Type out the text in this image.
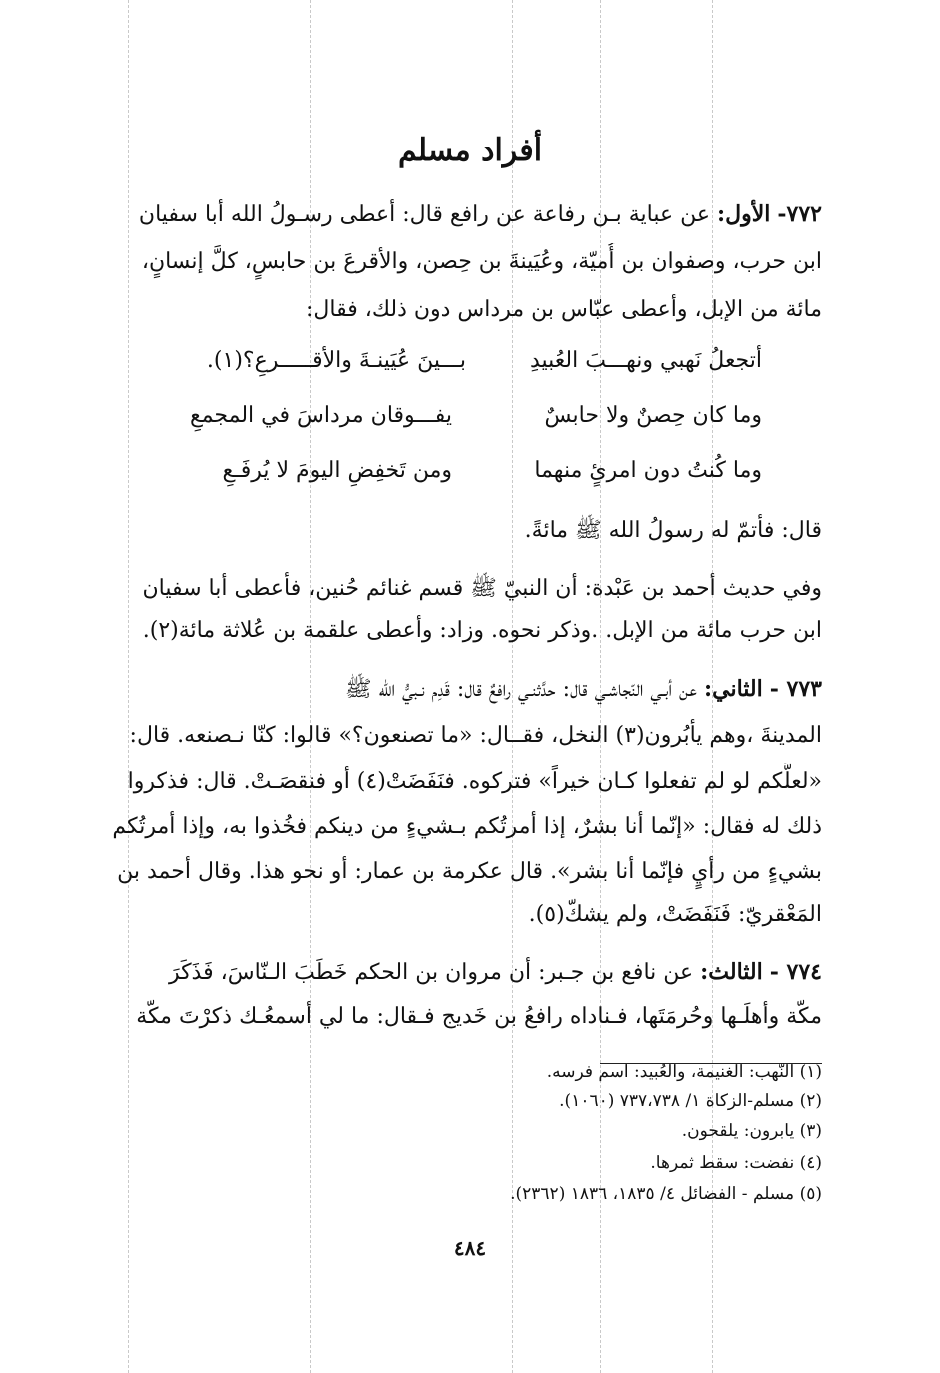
أفراد مسلم
٧٧٢- الأول: عن عباية بـن رفاعة عن رافع قال: أعطى رسـولُ الله أبا سفيان
ابن حرب، وصفوان بن أُميّة، وعُيَينةَ بن حِصن، والأقرعَ بن حابسٍ، كلَّ إنسانٍ،
مائة من الإبل، وأعطى عبّاس بن مرداس دون ذلك، فقال:
أتجعلُ نَهبي ونهـــبَ العُبيدِ
بـــينَ عُيَينـةَ والأقـــــرعِ؟(١).
وما كان حِصنٌ ولا حابسٌ
يفـــوقان مرداسَ في المجمعِ
وما كُنتُ دون امرئٍ منهما
ومن تَخفِضِ اليومَ لا يُرفَـعِ
قال: فأتمّ له رسولُ الله ﷺ مائةً.
وفي حديث أحمد بن عَبْدة: أن النبيّ ﷺ قسم غنائم حُنين، فأعطى أبا سفيان
ابن حرب مائة من الإبل. .وذكر نحوه. وزاد: وأعطى علقمة بن عُلاثة مائة(٢).
٧٧٣ - الثاني: عن أبـي النّجاشـي قال: حدَّثنـي رافعٌ قال: قَدِم نـبيُّ الله ﷺ
المدينةَ ،وهم يأبُرون(٣) النخل، فقــال: «ما تصنعون؟» قالوا: كنّا نـصنعه. قال:
«لعلَّكم لو لم تفعلوا كـان خيراً» فتركوه. فنَفَضَتْ(٤) أو فنقصَـتْ. قال: فذكروا
ذلك له فقال: «إنّما أنا بشرٌ، إذا أمرتُكم بـشيءٍ من دينكم فخُذوا به، وإذا أمرتُكم
بشيءٍ من رأيٍ فإنّما أنا بشر». قال عكرمة بن عمار: أو نحو هذا. وقال أحمد بن
المَعْقريّ: فَنَفَضَتْ، ولم يشكّ(٥).
٧٧٤ - الثالث: عن نافع بن جـبر: أن مروان بن الحكم خَطَبَ الـنّاسَ، فَذَكَرَ
مكّة وأهلَـها وحُرمَتَها، فـناداه رافعُ بن خَديج فـقال: ما لي أسمعُـك ذكرْتَ مكّة
(١) النّهب: الغنيمة، والعُبيد: اسم فرسه.
(٢) مسلم-الزكاة ١/ ٧٣٧،٧٣٨ (١٠٦٠).
(٣) يابرون: يلقحون.
(٤) نفضت: سقط ثمرها.
(٥) مسلم - الفضائل ٤/ ١٨٣٥، ١٨٣٦ (٢٣٦٢).
٤٨٤
